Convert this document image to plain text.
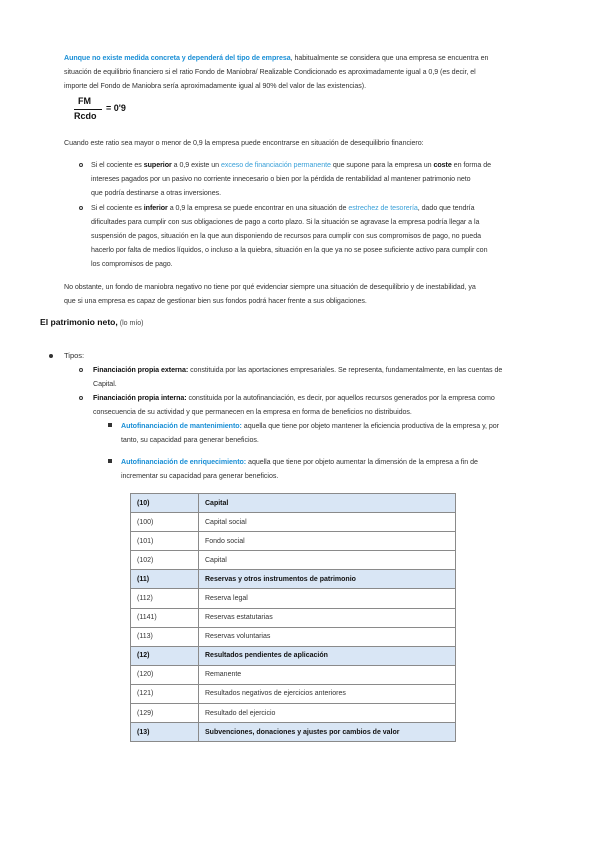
Aunque no existe medida concreta y dependerá del tipo de empresa, habitualmente se considera que una empresa se encuentra en
situación de equilibrio financiero si el ratio Fondo de Maniobra/ Realizable Condicionado es aproximadamente igual a 0,9 (es decir, el
importe del Fondo de Maniobra sería aproximadamente igual al 90% del valor de las existencias).
FM
Rcdo
= 0'9
Cuando este ratio sea mayor o menor de 0,9 la empresa puede encontrarse en situación de desequilibrio financiero:
Si el cociente es superior a 0,9 existe un exceso de financiación permanente que supone para la empresa un coste en forma de
intereses pagados por un pasivo no corriente innecesario o bien por la pérdida de rentabilidad al mantener patrimonio neto
que podría destinarse a otras inversiones.
Si el cociente es inferior a 0,9 la empresa se puede encontrar en una situación de estrechez de tesorería, dado que tendría
dificultades para cumplir con sus obligaciones de pago a corto plazo. Si la situación se agravase la empresa podría llegar a la
suspensión de pagos, situación en la que aun disponiendo de recursos para cumplir con sus compromisos de pago, no pueda
hacerlo por falta de medios líquidos, o incluso a la quiebra, situación en la que ya no se posee suficiente activo para cumplir con
los compromisos de pago.
No obstante, un fondo de maniobra negativo no tiene por qué evidenciar siempre una situación de desequilibrio y de inestabilidad, ya
que si una empresa es capaz de gestionar bien sus fondos podrá hacer frente a sus obligaciones.
El patrimonio neto, (lo mío)
Tipos:
Financiación propia externa: constituida por las aportaciones empresariales. Se representa, fundamentalmente, en las cuentas de
Capital.
Financiación propia interna: constituida por la autofinanciación, es decir, por aquellos recursos generados por la empresa como
consecuencia de su actividad y que permanecen en la empresa en forma de beneficios no distribuidos.
Autofinanciación de mantenimiento: aquella que tiene por objeto mantener la eficiencia productiva de la empresa y, por
tanto, su capacidad para generar beneficios.
Autofinanciación de enriquecimiento: aquella que tiene por objeto aumentar la dimensión de la empresa a fin de
incrementar su capacidad para generar beneficios.
(10)	Capital
(100)	Capital social
(101)	Fondo social
(102)	Capital
(11)	Reservas y otros instrumentos de patrimonio
(112)	Reserva legal
(1141)	Reservas estatutarias
(113)	Reservas voluntarias
(12)	Resultados pendientes de aplicación
(120)	Remanente
(121)	Resultados negativos de ejercicios anteriores
(129)	Resultado del ejercicio
(13)	Subvenciones, donaciones y ajustes por cambios de valor
